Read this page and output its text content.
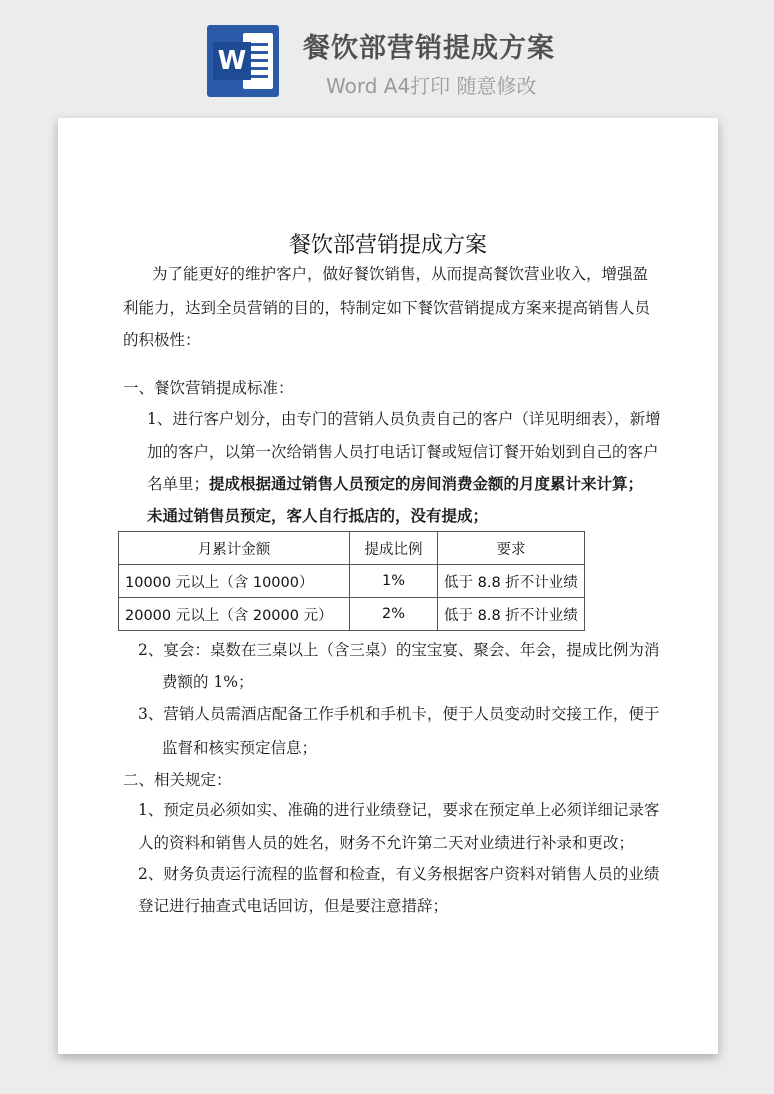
W 餐饮部营销提成方案
Word A4打印 随意修改
餐饮部营销提成方案
为了能更好的维护客户，做好餐饮销售，从而提高餐饮营业收入，增强盈
利能力，达到全员营销的目的，特制定如下餐饮营销提成方案来提高销售人员
的积极性：
一、餐饮营销提成标准：
1、进行客户划分，由专门的营销人员负责自己的客户（详见明细表），新增
加的客户，以第一次给销售人员打电话订餐或短信订餐开始划到自己的客户
名单里；提成根据通过销售人员预定的房间消费金额的月度累计来计算；
未通过销售员预定，客人自行抵店的，没有提成；
月累计金额	提成比例	要求
10000 元以上（含 10000）	1%	低于 8.8 折不计业绩
20000 元以上（含 20000 元）	2%	低于 8.8 折不计业绩
2、宴会：桌数在三桌以上（含三桌）的宝宝宴、聚会、年会，提成比例为消
费额的 1%；
3、营销人员需酒店配备工作手机和手机卡，便于人员变动时交接工作，便于
监督和核实预定信息；
二、相关规定：
1、预定员必须如实、准确的进行业绩登记，要求在预定单上必须详细记录客
人的资料和销售人员的姓名，财务不允许第二天对业绩进行补录和更改；
2、财务负责运行流程的监督和检查，有义务根据客户资料对销售人员的业绩
登记进行抽查式电话回访，但是要注意措辞；
